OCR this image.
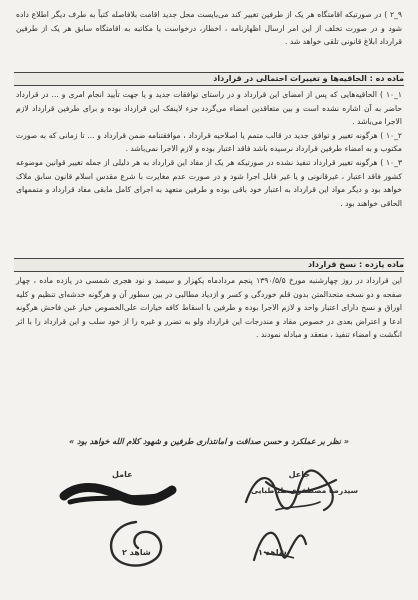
۹_۲ ) در صورتیکه اقامتگاه هر یک از طرفین تغییر کند می‌بایست محل جدید اقامت بلافاصله کتباً به طرف دیگر اطلاع داده شود و در صورت تخلف از این امر ارسال اظهارنامه ، اخطار، درخواست یا مکاتبه به اقامتگاه سابق هر یک از طرفین قرارداد ابلاغ قانونی تلقی خواهد شد .

ماده ده : الحاقیه‌ها و تغییرات احتمالی در قرارداد

۱_۱۰ ) الحاقیه‌هایی که پس از امضای این قرارداد و در راستای توافقات جدید و یا جهت تأیید انجام امری و ... در قرارداد حاضر به آن اشاره نشده است و بین متعاقدین امضاء می‌گردد جزء لاینفک این قرارداد بوده و برای طرفین قرارداد لازم الاجرا می‌باشد .

۲_۱۰ ) هرگونه تغییر و توافق جدید در قالب متمم یا اصلاحیه قرارداد ، موافقتنامه ضمن قرارداد و ... تا زمانی که به صورت مکتوب و به امضاء طرفین قرارداد نرسیده باشد فاقد اعتبار بوده و لازم الاجرا نمی‌باشد .

۳_۱۰ ) هرگونه تغییر قرارداد تنفیذ نشده در صورتیکه هر یک از مفاد این قرارداد به هر دلیلی از جمله تغییر قوانین موضوعه کشور فاقد اعتبار ، غیرقانونی و یا غیر قابل اجرا شود و در صورت عدم مغایرت با شرع مقدس اسلام قانون سابق ملاک خواهد بود و دیگر مواد این قرارداد به اعتبار خود باقی بوده و طرفین متعهد به اجرای کامل مابقی مفاد قرارداد و متممهای الحاقی خواهند بود .

ماده یازده : نسخ قرارداد

این قرارداد در روز چهارشنبه مورخ ۱۳۹۰/۵/۵ پنجم مردادماه یکهزار و سیصد و نود هجری شمسی در یازده ماده ، چهار صفحه و دو نسخه متحدالمتن بدون قلم خوردگی و کسر و ازدیاد مطالبی در بین سطور آن و هرگونه خدشه‌ای تنظیم و کلیه اوراق و نسخ دارای اعتبار واحد و لازم الاجرا بوده و طرفین با اسقاط کافه خیارات علی‌الخصوص خیار غبن فاحش هرگونه ادعا و اعتراض بعدی در خصوص مفاد و مندرجات این قرارداد ولو به تضرر و غیره را از خود سلب و این قرارداد را با اثر انگشت و امضاء تنفیذ ، منعقد و مبادله نمودند .

« نظر بر عملکرد و حسن صداقت و امانتداری طرفین و شهود کلام الله خواهد بود »
جاعل
سیدرضا مصطفوی طباطبایی
عامل
شاهد ۱
شاهد ۲
